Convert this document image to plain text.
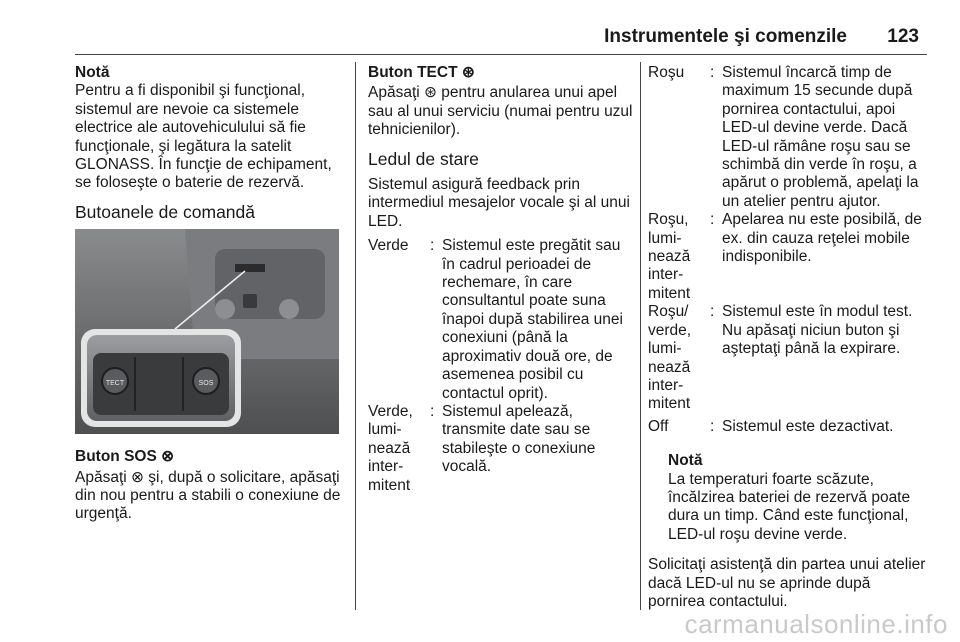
Instrumentele şi comenzile 123

Notă

Pentru a fi disponibil şi funcţional, sistemul are nevoie ca sistemele electrice ale autovehiculului să fie funcţionale, şi legătura la satelit GLONASS. În funcţie de echipament, se foloseşte o baterie de rezervă.

Butoanele de comandă

TECT	SOS

Buton SOS ⊗

Apăsaţi ⊗ şi, după o solicitare, apăsaţi din nou pentru a stabili o conexiune de urgenţă.

Buton TECT ⊛

Apăsaţi ⊛ pentru anularea unui apel sau al unui serviciu (numai pentru uzul tehnicienilor).

Ledul de stare

Sistemul asigură feedback prin intermediul mesajelor vocale şi al unui LED.

Verde	: Sistemul este pregătit sau în cadrul perioadei de rechemare, în care consultantul poate suna înapoi după stabilirea unei conexiuni (până la aproximativ două ore, de asemenea posibil cu contactul oprit).
Verde, lumi-nează inter-mitent
: Sistemul apelează, transmite date sau se stabileşte o conexiune vocală.
Roşu	: Sistemul încarcă timp de maximum 15 secunde după pornirea contactului, apoi LED-ul devine verde. Dacă LED-ul rămâne roşu sau se schimbă din verde în roşu, a apărut o problemă, apelaţi la un atelier pentru ajutor.
Roşu, lumi-nează inter-mitent
: Apelarea nu este posibilă, de ex. din cauza reţelei mobile indisponibile.
Roşu/ verde, lumi-nează inter-mitent
: Sistemul este în modul test. Nu apăsaţi niciun buton şi aşteptaţi până la expirare.
Off	: Sistemul este dezactivat.

Notă

La temperaturi foarte scăzute, încălzirea bateriei de rezervă poate dura un timp. Când este funcţional, LED-ul roşu devine verde.

Solicitaţi asistenţă din partea unui atelier dacă LED-ul nu se aprinde după pornirea contactului.

carmanualsonline.info
